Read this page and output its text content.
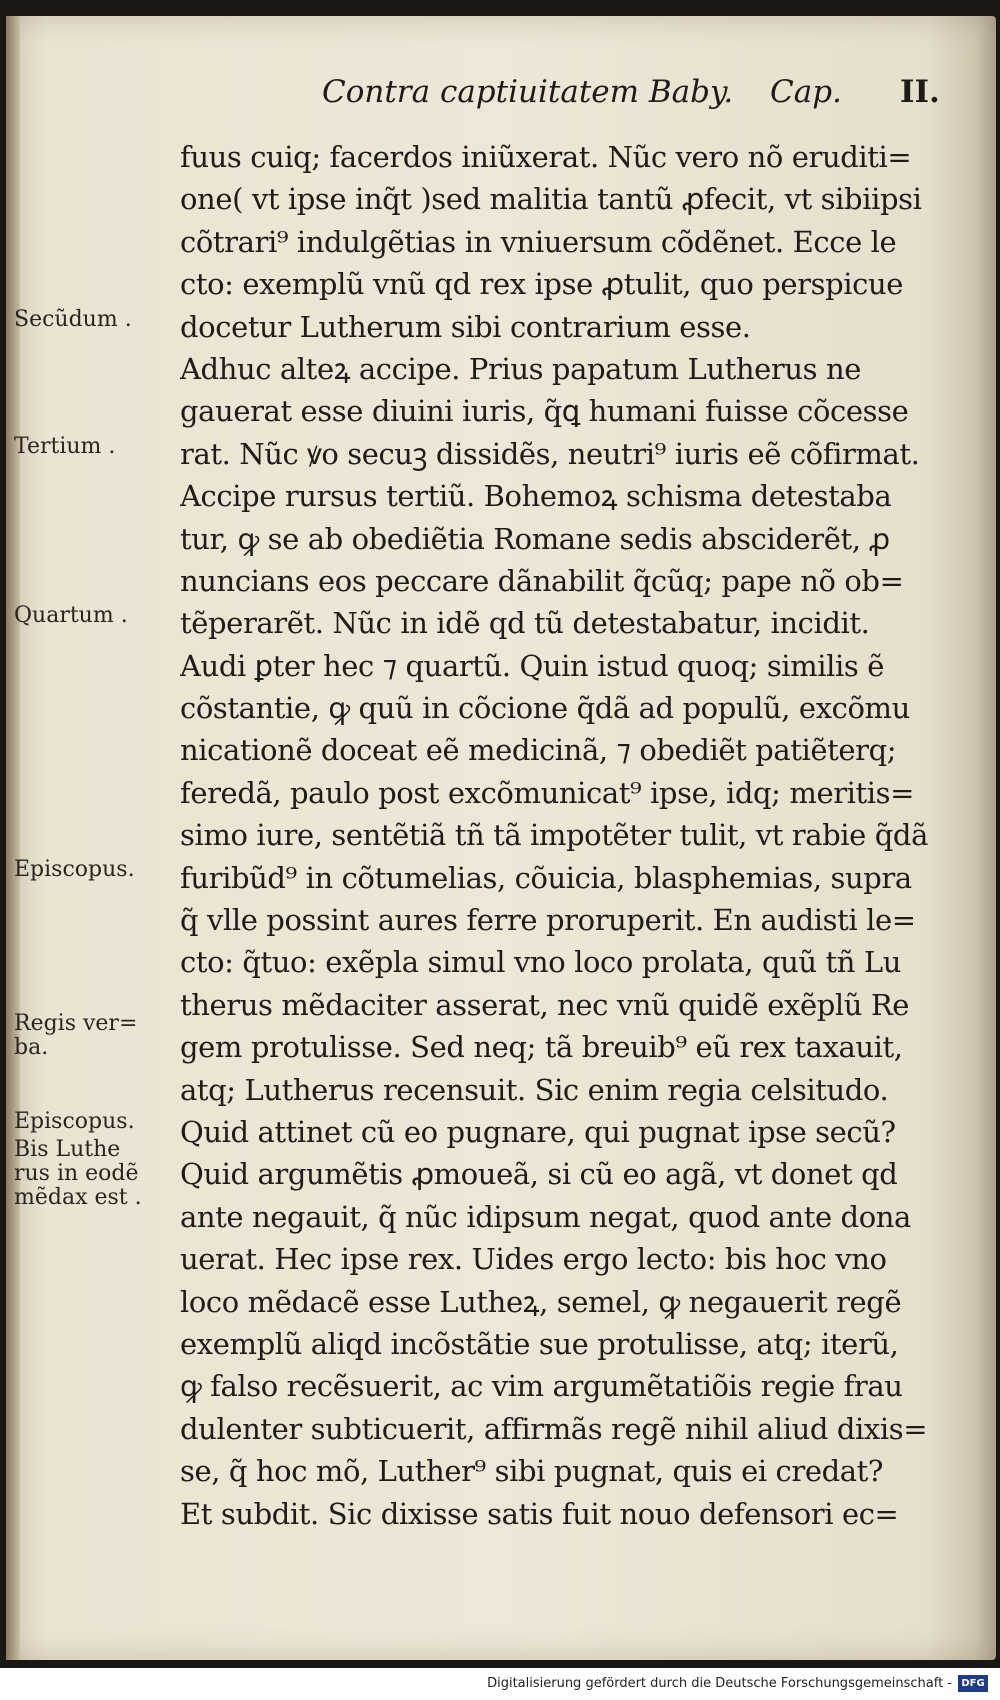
Contra captiuitatem Baby. Cap. II.
fuus cuiq; facerdos iniũxerat. Nũc vero nõ eruditi=
one( vt ipse inq̃t )sed malitia tantũ ꝓfecit, vt sibiipsi
cõtrari⁹ indulgẽtias in vniuersum cõdẽnet. Ecce le
cto: exemplũ vnũ qd rex ipse ꝓtulit, quo perspicue
docetur Lutherum sibi contrarium esse.
Adhuc alteꝝ accipe. Prius papatum Lutherus ne
gauerat esse diuini iuris, q̃ꝗ humani fuisse cõcesse
rat. Nũc ꝟo secuꝫ dissidẽs, neutri⁹ iuris eẽ cõfirmat.
Accipe rursus tertiũ. Bohemoꝝ schisma detestaba
tur, ꝙ se ab obediẽtia Romane sedis absciderẽt, ꝓ
nuncians eos peccare dãnabilit q̃cũq; pape nõ ob=
tẽperarẽt. Nũc in idẽ qd tũ detestabatur, incidit.
Audi ꝑter hec ⁊ quartũ. Quin istud quoq; similis ẽ
cõstantie, ꝙ quũ in cõcione q̃dã ad populũ, excõmu
nicationẽ doceat eẽ medicinã, ⁊ obediẽt patiẽterq;
feredã, paulo post excõmunicat⁹ ipse, idq; meritis=
simo iure, sentẽtiã tñ tã impotẽter tulit, vt rabie q̃dã
furibũd⁹ in cõtumelias, cõuicia, blasphemias, supra
q̃ vlle possint aures ferre proruperit. En audisti le=
cto: q̃tuo: exẽpla simul vno loco prolata, quũ tñ Lu
therus mẽdaciter asserat, nec vnũ quidẽ exẽplũ Re
gem protulisse. Sed neq; tã breuib⁹ eũ rex taxauit,
atq; Lutherus recensuit. Sic enim regia celsitudo.
Quid attinet cũ eo pugnare, qui pugnat ipse secũ?
Quid argumẽtis ꝓmoueã, si cũ eo agã, vt donet qd
ante negauit, q̃ nũc idipsum negat, quod ante dona
uerat. Hec ipse rex. Uides ergo lecto: bis hoc vno
loco mẽdacẽ esse Lutheꝝ, semel, ꝙ negauerit regẽ
exemplũ aliqd incõstãtie sue protulisse, atq; iterũ,
ꝙ falso recẽsuerit, ac vim argumẽtatiõis regie frau
dulenter subticuerit, affirmãs regẽ nihil aliud dixis=
se, q̃ hoc mõ, Luther⁹ sibi pugnat, quis ei credat?
Et subdit. Sic dixisse satis fuit nouo defensori ec=
Secũdum .
Tertium .
Quartum .
Episcopus.
Regis ver=
ba.
Episcopus.
Bis Luthe
rus in eodẽ
mẽdax est .
Digitalisierung gefördert durch die Deutsche Forschungsgemeinschaft - DFG
